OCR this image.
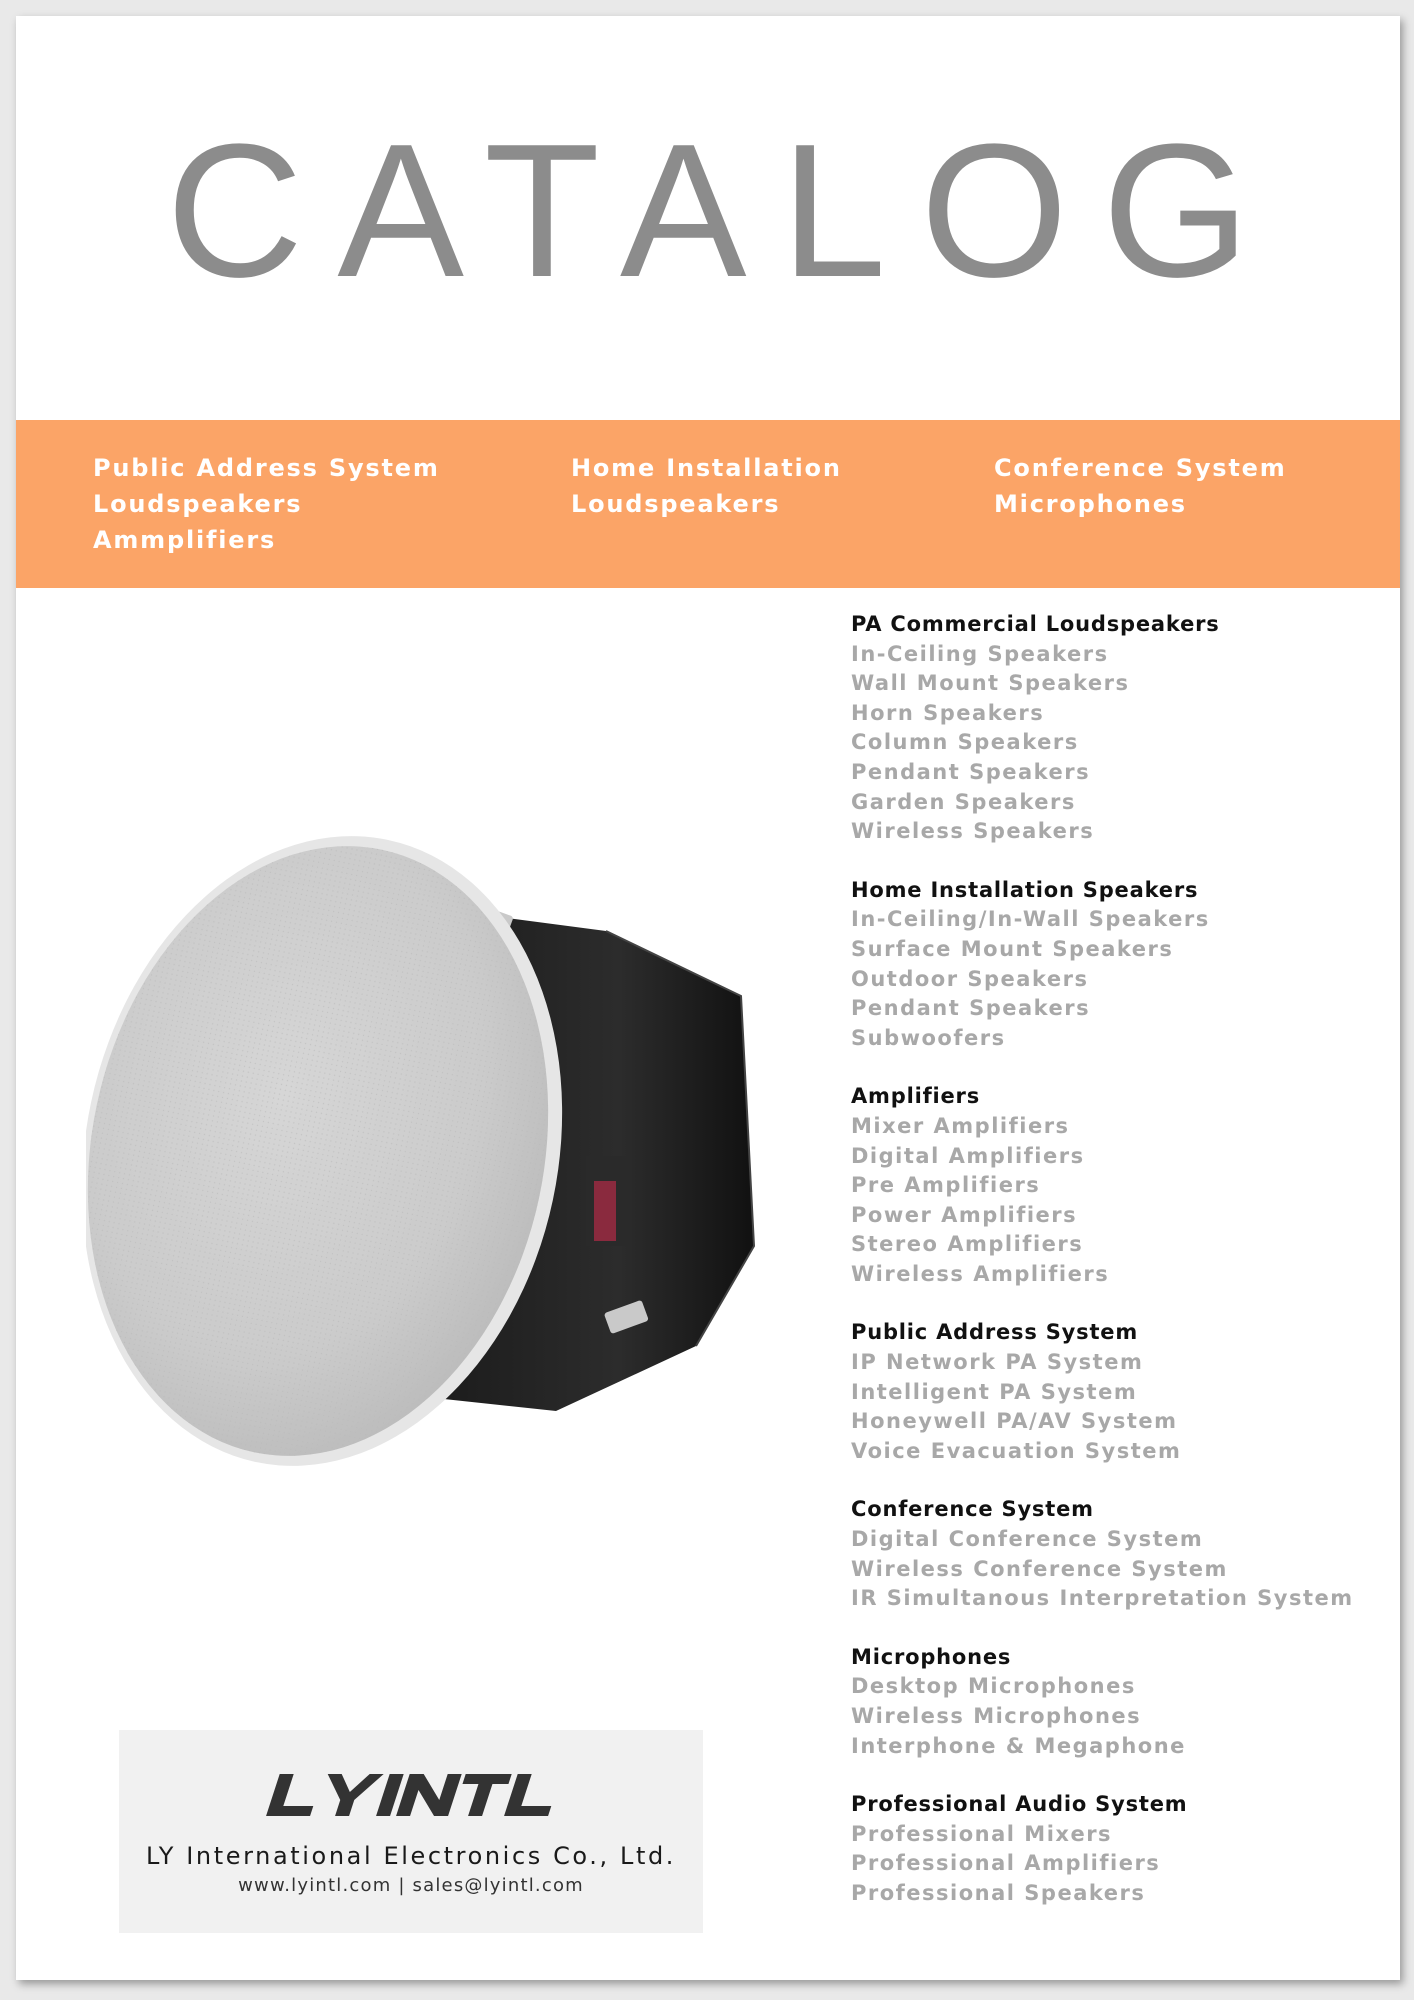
CATALOG
Public Address System
Loudspeakers
Ammplifiers
Home Installation
Loudspeakers
Conference System
Microphones
PA Commercial Loudspeakers
In-Ceiling Speakers
Wall Mount Speakers
Horn Speakers
Column Speakers
Pendant Speakers
Garden Speakers
Wireless Speakers
Home Installation Speakers
In-Ceiling/In-Wall Speakers
Surface Mount Speakers
Outdoor Speakers
Pendant Speakers
Subwoofers
Amplifiers
Mixer Amplifiers
Digital Amplifiers
Pre Amplifiers
Power Amplifiers
Stereo Amplifiers
Wireless Amplifiers
Public Address System
IP Network PA System
Intelligent PA System
Honeywell PA/AV System
Voice Evacuation System
Conference System
Digital Conference System
Wireless Conference System
IR Simultanous Interpretation System
Microphones
Desktop Microphones
Wireless Microphones
Interphone & Megaphone
Professional Audio System
Professional Mixers
Professional Amplifiers
Professional Speakers
LY International Electronics Co., Ltd.
www.lyintl.com | sales@lyintl.com
